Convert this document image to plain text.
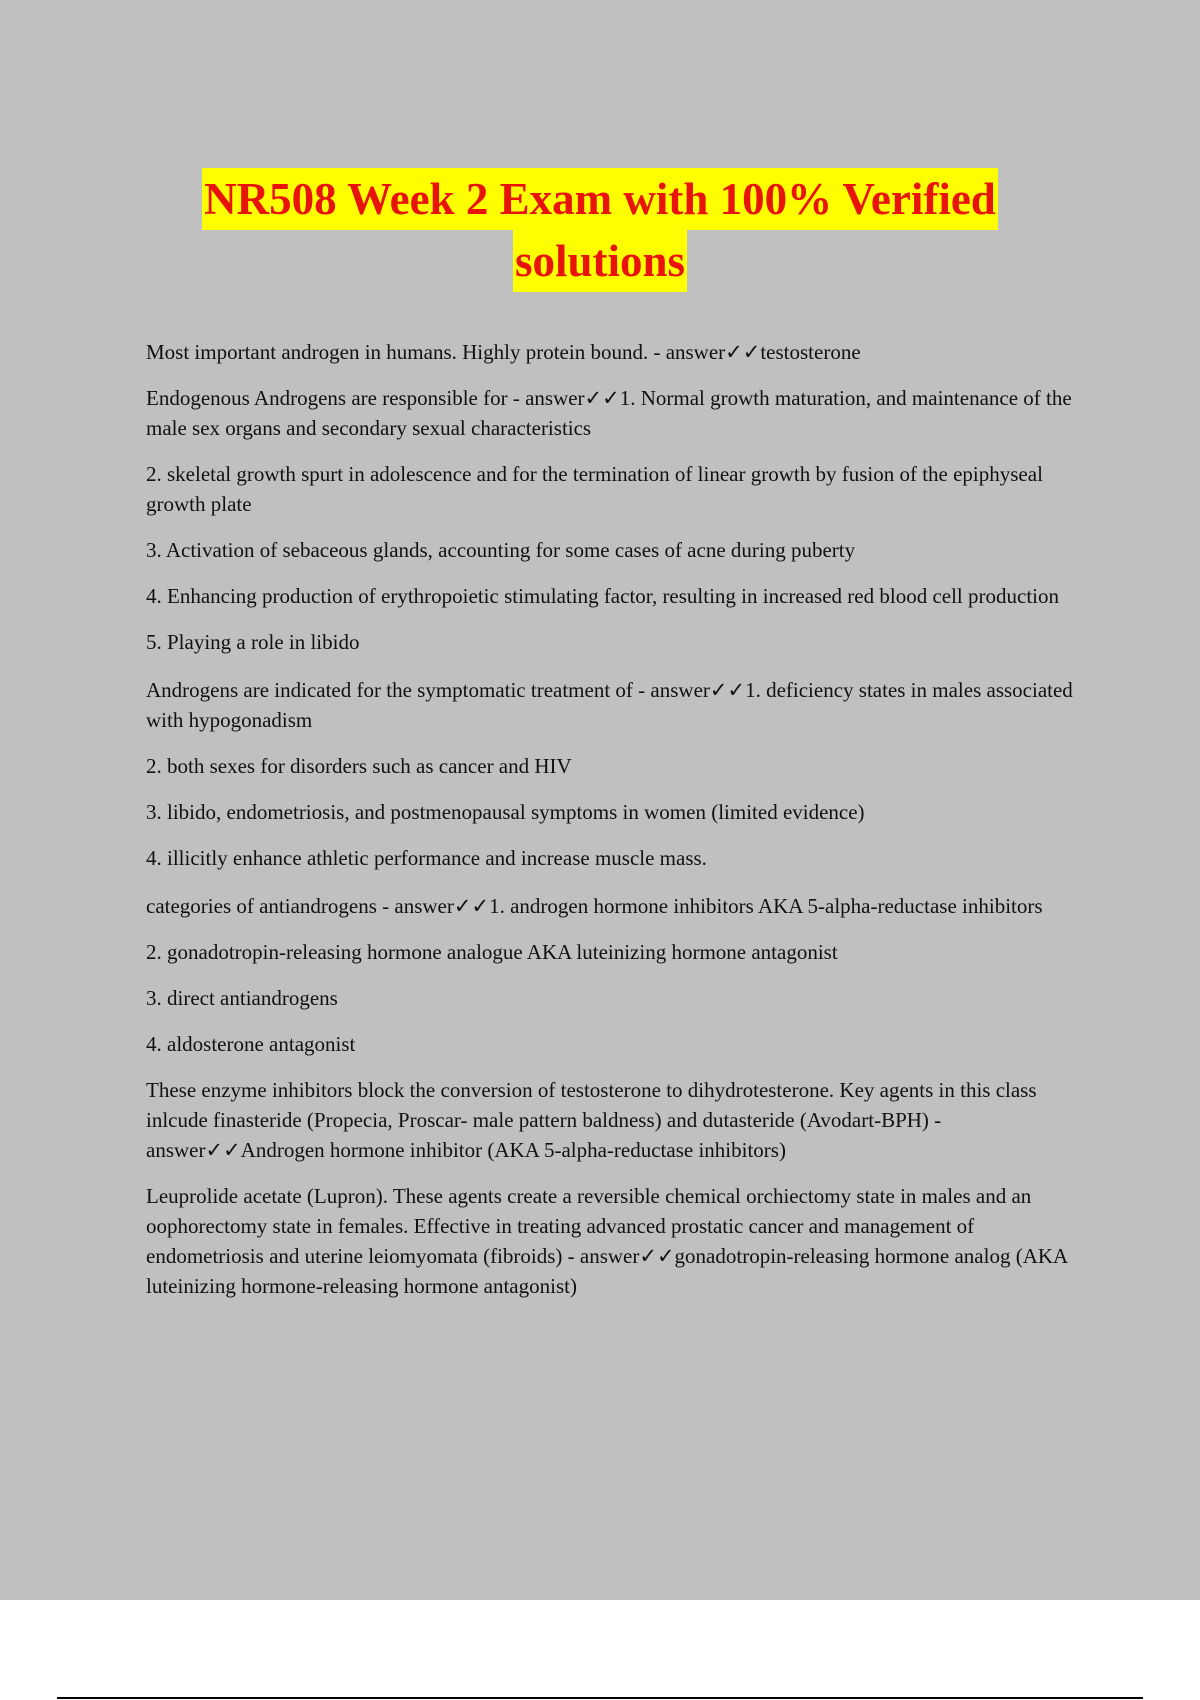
NR508 Week 2 Exam with 100% Verified
solutions

Most important androgen in humans. Highly protein bound. - answer✓✓testosterone

Endogenous Androgens are responsible for - answer✓✓1. Normal growth maturation, and maintenance of the male sex organs and secondary sexual characteristics

2. skeletal growth spurt in adolescence and for the termination of linear growth by fusion of the epiphyseal growth plate

3. Activation of sebaceous glands, accounting for some cases of acne during puberty

4. Enhancing production of erythropoietic stimulating factor, resulting in increased red blood cell production

5. Playing a role in libido

Androgens are indicated for the symptomatic treatment of - answer✓✓1. deficiency states in males associated with hypogonadism

2. both sexes for disorders such as cancer and HIV

3. libido, endometriosis, and postmenopausal symptoms in women (limited evidence)

4. illicitly enhance athletic performance and increase muscle mass.

categories of antiandrogens - answer✓✓1. androgen hormone inhibitors AKA 5-alpha-reductase inhibitors

2. gonadotropin-releasing hormone analogue AKA luteinizing hormone antagonist

3. direct antiandrogens

4. aldosterone antagonist

These enzyme inhibitors block the conversion of testosterone to dihydrotesterone. Key agents in this class inlcude finasteride (Propecia, Proscar- male pattern baldness) and dutasteride (Avodart-BPH) - answer✓✓Androgen hormone inhibitor (AKA 5-alpha-reductase inhibitors)

Leuprolide acetate (Lupron). These agents create a reversible chemical orchiectomy state in males and an oophorectomy state in females. Effective in treating advanced prostatic cancer and management of endometriosis and uterine leiomyomata (fibroids) - answer✓✓gonadotropin-releasing hormone analog (AKA luteinizing hormone-releasing hormone antagonist)
